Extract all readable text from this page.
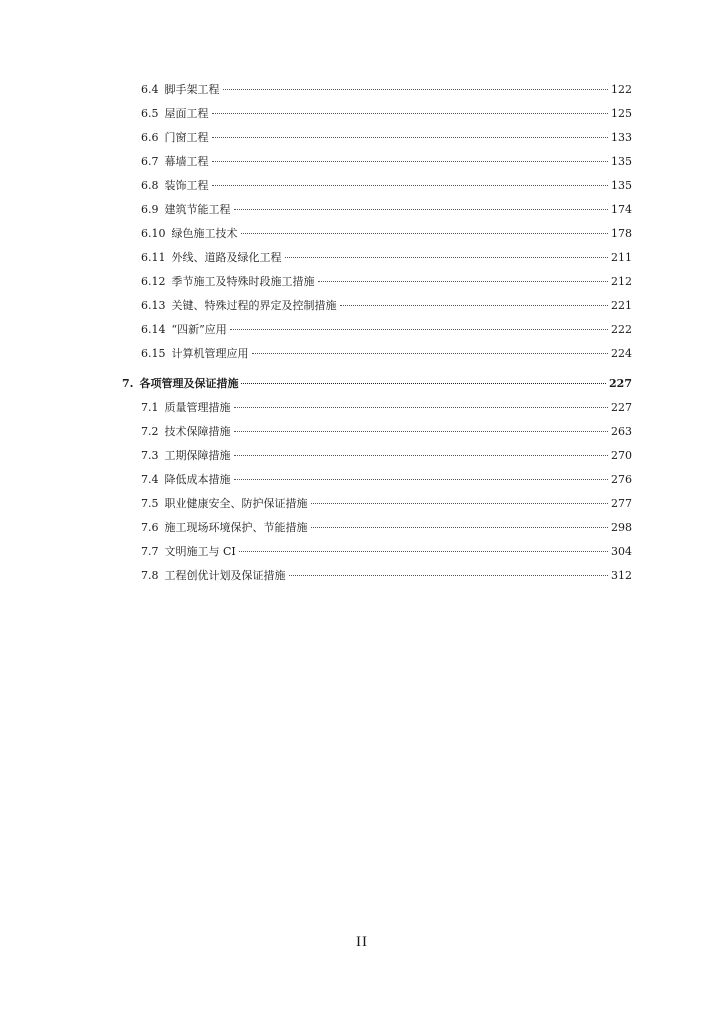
6.4 脚手架工程	122
6.5 屋面工程	125
6.6 门窗工程	133
6.7 幕墙工程	135
6.8 装饰工程	135
6.9 建筑节能工程	174
6.10 绿色施工技术	178
6.11 外线、道路及绿化工程	211
6.12 季节施工及特殊时段施工措施	212
6.13 关键、特殊过程的界定及控制措施	221
6.14 “四新”应用	222
6.15 计算机管理应用	224
7. 各项管理及保证措施	227
7.1 质量管理措施	227
7.2 技术保障措施	263
7.3 工期保障措施	270
7.4 降低成本措施	276
7.5 职业健康安全、防护保证措施	277
7.6 施工现场环境保护、节能措施	298
7.7 文明施工与 CI	304
7.8 工程创优计划及保证措施	312
II
